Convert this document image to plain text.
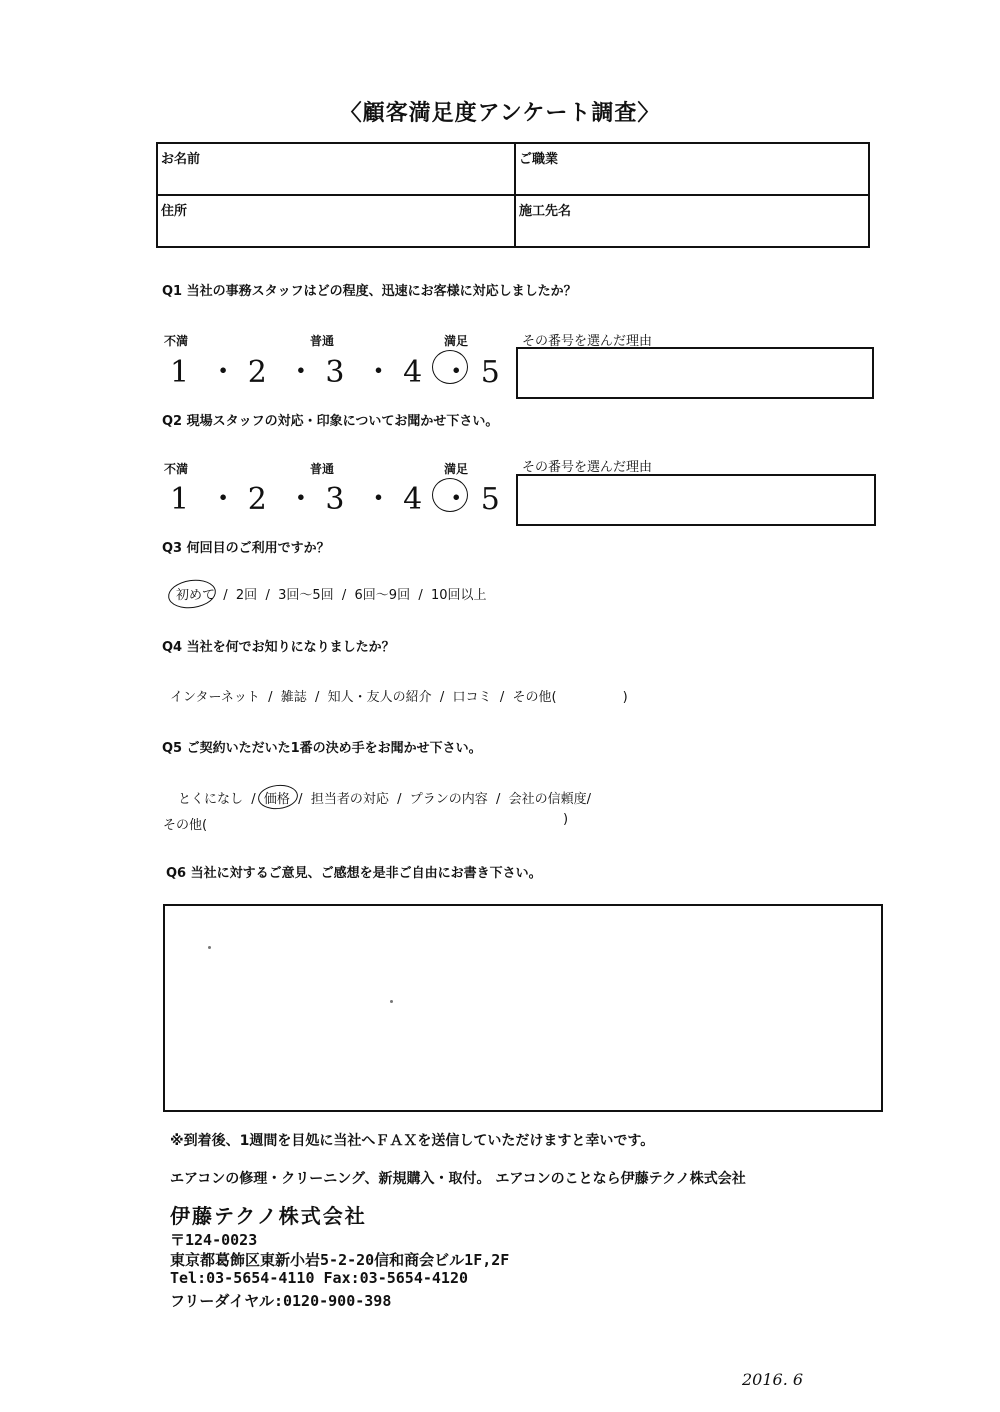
〈顧客満足度アンケート調査〉
お名前	ご職業
住所	施工先名
Q1 当社の事務スタッフはどの程度、迅速にお客様に対応しましたか？
不満	普通	満足
1  ・ 2  ・ 3  ・ 4  ・ 5
その番号を選んだ理由
Q2 現場スタッフの対応・印象についてお聞かせ下さい。
不満	普通	満足
1  ・ 2  ・ 3  ・ 4  ・ 5
その番号を選んだ理由
Q3 何回目のご利用ですか？
初めて  /  2回  /  3回～5回  /  6回～9回  /  10回以上
Q4 当社を何でお知りになりましたか？
インターネット  /  雑誌  /  知人・友人の紹介  /  口コミ  /  その他(                )
Q5 ご契約いただいた1番の決め手をお聞かせ下さい。
とくになし  /  価格  /  担当者の対応  /  プランの内容  /  会社の信頼度/
その他(	)
Q6 当社に対するご意見、ご感想を是非ご自由にお書き下さい。
※到着後、1週間を目処に当社へＦＡＸを送信していただけますと幸いです。
エアコンの修理・クリーニング、新規購入・取付。 エアコンのことなら伊藤テクノ株式会社
伊藤テクノ株式会社
〒124-0023
東京都葛飾区東新小岩5-2-20信和商会ビル1F,2F
Tel:03-5654-4110 Fax:03-5654-4120
フリーダイヤル:0120-900-398
2016. 6
